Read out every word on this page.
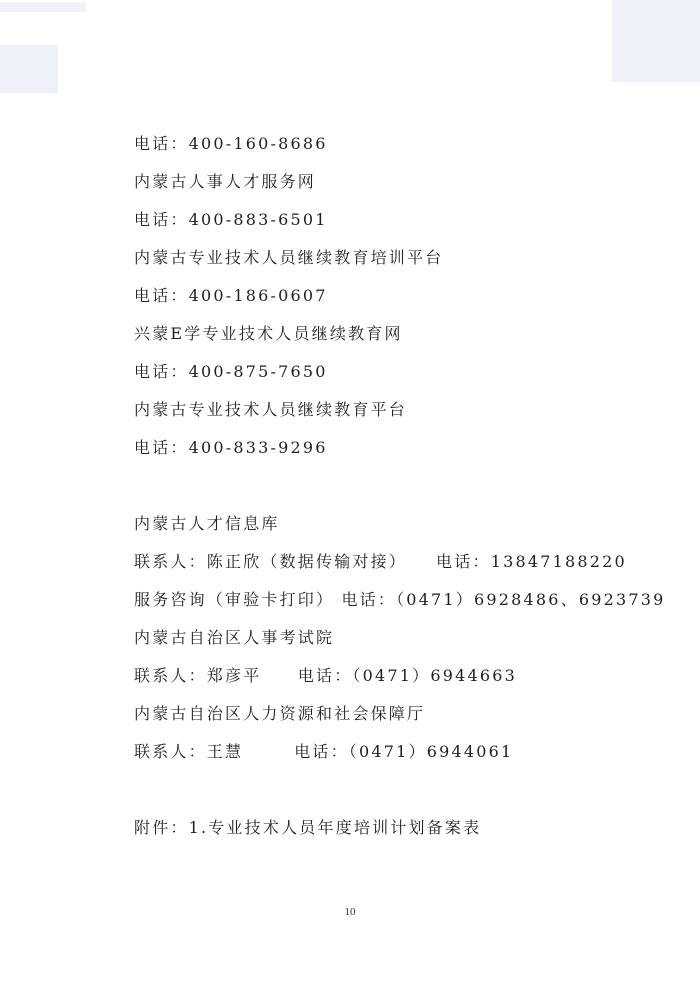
电话：400-160-8686
内蒙古人事人才服务网
电话：400-883-6501
内蒙古专业技术人员继续教育培训平台
电话：400-186-0607
兴蒙E学专业技术人员继续教育网
电话：400-875-7650
内蒙古专业技术人员继续教育平台
电话：400-833-9296
内蒙古人才信息库
联系人：陈正欣（数据传输对接）    电话：13847188220
服务咨询（审验卡打印） 电话：（0471）6928486、6923739
内蒙古自治区人事考试院
联系人：郑彦平     电话：（0471）6944663
内蒙古自治区人力资源和社会保障厅
联系人：王慧       电话：（0471）6944061
附件：1.专业技术人员年度培训计划备案表
10
